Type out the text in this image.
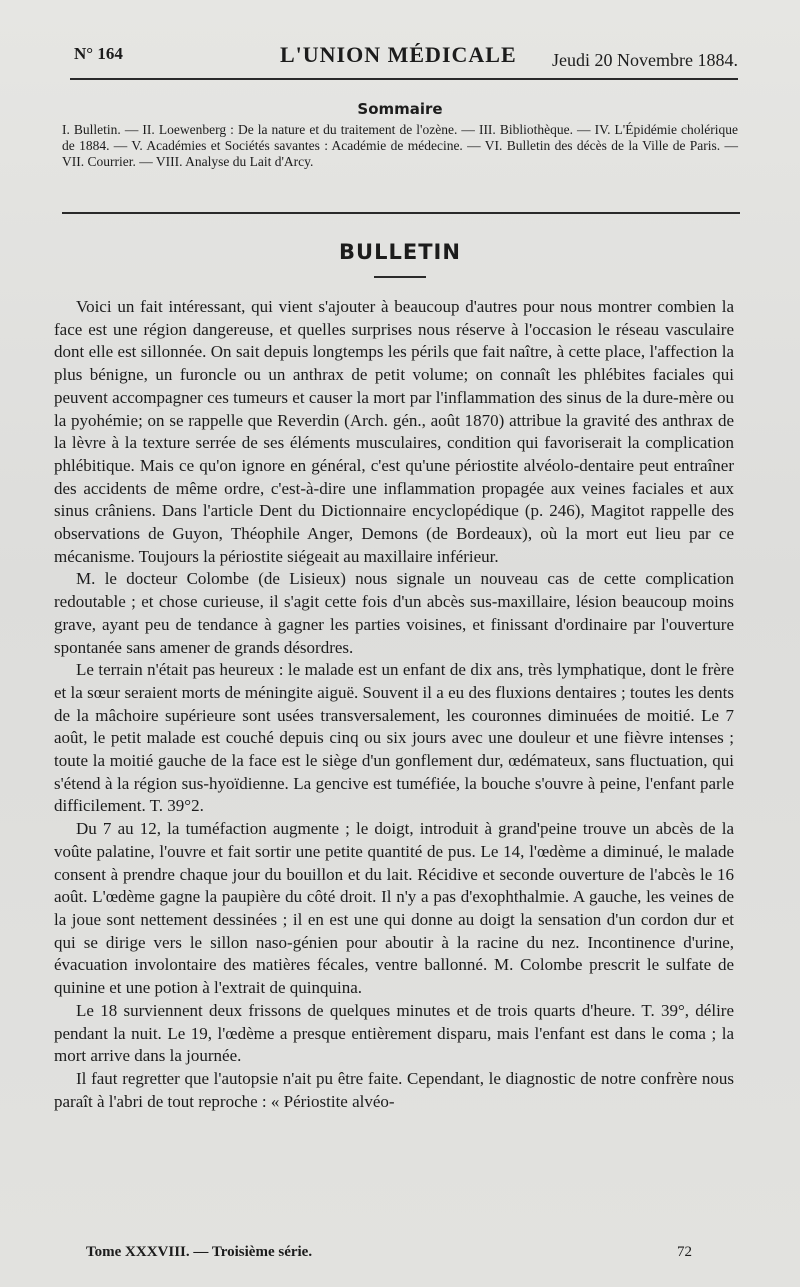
N° 164	L'UNION MÉDICALE Jeudi 20 Novembre 1884.
Sommaire
I. Bulletin. — II. Loewenberg : De la nature et du traitement de l'ozène. — III. Bibliothèque. — IV. L'Épidémie cholérique de 1884. — V. Académies et Sociétés savantes : Académie de médecine. — VI. Bulletin des décès de la Ville de Paris. — VII. Courrier. — VIII. Analyse du Lait d'Arcy.
BULLETIN

Voici un fait intéressant, qui vient s'ajouter à beaucoup d'autres pour nous montrer combien la face est une région dangereuse, et quelles surprises nous réserve à l'occasion le réseau vasculaire dont elle est sillonnée. On sait depuis longtemps les périls que fait naître, à cette place, l'affection la plus bénigne, un furoncle ou un anthrax de petit volume; on connaît les phlébites faciales qui peuvent accompagner ces tumeurs et causer la mort par l'inflammation des sinus de la dure-mère ou la pyohémie; on se rappelle que Reverdin (Arch. gén., août 1870) attribue la gravité des anthrax de la lèvre à la texture serrée de ses éléments musculaires, condition qui favoriserait la complication phlébitique. Mais ce qu'on ignore en général, c'est qu'une périostite alvéolo-dentaire peut entraîner des accidents de même ordre, c'est-à-dire une inflammation propagée aux veines faciales et aux sinus crâniens. Dans l'article Dent du Dictionnaire encyclopédique (p. 246), Magitot rappelle des observations de Guyon, Théophile Anger, Demons (de Bordeaux), où la mort eut lieu par ce mécanisme. Toujours la périostite siégeait au maxillaire inférieur.

M. le docteur Colombe (de Lisieux) nous signale un nouveau cas de cette complication redoutable ; et chose curieuse, il s'agit cette fois d'un abcès sus-maxillaire, lésion beaucoup moins grave, ayant peu de tendance à gagner les parties voisines, et finissant d'ordinaire par l'ouverture spontanée sans amener de grands désordres.

Le terrain n'était pas heureux : le malade est un enfant de dix ans, très lymphatique, dont le frère et la sœur seraient morts de méningite aiguë. Souvent il a eu des fluxions dentaires ; toutes les dents de la mâchoire supérieure sont usées transversalement, les couronnes diminuées de moitié. Le 7 août, le petit malade est couché depuis cinq ou six jours avec une douleur et une fièvre intenses ; toute la moitié gauche de la face est le siège d'un gonflement dur, œdémateux, sans fluctuation, qui s'étend à la région sus-hyoïdienne. La gencive est tuméfiée, la bouche s'ouvre à peine, l'enfant parle difficilement. T. 39°2.

Du 7 au 12, la tuméfaction augmente ; le doigt, introduit à grand'peine trouve un abcès de la voûte palatine, l'ouvre et fait sortir une petite quantité de pus. Le 14, l'œdème a diminué, le malade consent à prendre chaque jour du bouillon et du lait. Récidive et seconde ouverture de l'abcès le 16 août. L'œdème gagne la paupière du côté droit. Il n'y a pas d'exophthalmie. A gauche, les veines de la joue sont nettement dessinées ; il en est une qui donne au doigt la sensation d'un cordon dur et qui se dirige vers le sillon naso-génien pour aboutir à la racine du nez. Incontinence d'urine, évacuation involontaire des matières fécales, ventre ballonné. M. Colombe prescrit le sulfate de quinine et une potion à l'extrait de quinquina.

Le 18 surviennent deux frissons de quelques minutes et de trois quarts d'heure. T. 39°, délire pendant la nuit. Le 19, l'œdème a presque entièrement disparu, mais l'enfant est dans le coma ; la mort arrive dans la journée.

Il faut regretter que l'autopsie n'ait pu être faite. Cependant, le diagnostic de notre confrère nous paraît à l'abri de tout reproche : « Périostite alvéo-

Tome XXXVIII. — Troisième série.	72
